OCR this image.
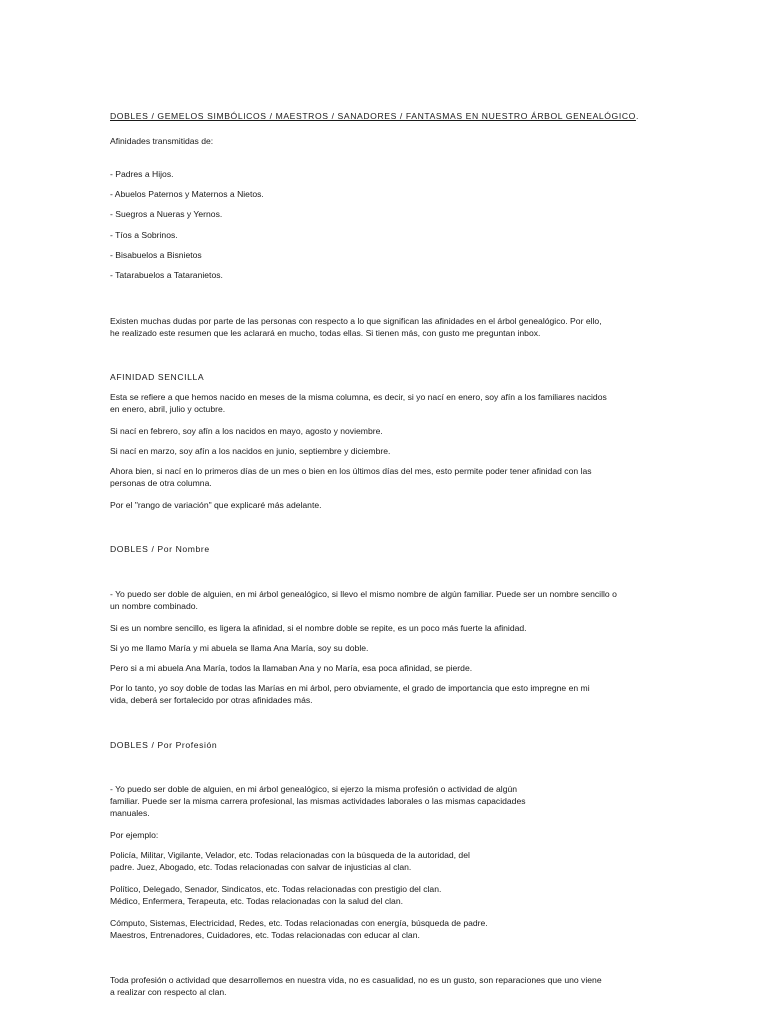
DOBLES / GEMELOS SIMBÓLICOS / MAESTROS / SANADORES / FANTASMAS EN NUESTRO ÁRBOL GENEALÓGICO.

Afinidades transmitidas de:

- Padres a Hijos.

- Abuelos Paternos y Maternos a Nietos.

- Suegros a Nueras y Yernos.

- Tíos a Sobrinos.

- Bisabuelos a Bisnietos

- Tatarabuelos a Tataranietos.

Existen muchas dudas por parte de las personas con respecto a lo que significan las afinidades en el árbol genealógico. Por ello,

he realizado este resumen que les aclarará en mucho, todas ellas. Si tienen más, con gusto me preguntan inbox.

AFINIDAD SENCILLA

Esta se refiere a que hemos nacido en meses de la misma columna, es decir, si yo nací en enero, soy afín a los familiares nacidos

en enero, abril, julio y octubre.

Si nací en febrero, soy afín a los nacidos en mayo, agosto y noviembre.

Si nací en marzo, soy afín a los nacidos en junio, septiembre y diciembre.

Ahora bien, si nací en lo primeros días de un mes o bien en los últimos días del mes, esto permite poder tener afinidad con las

personas de otra columna.

Por el "rango de variación" que explicaré más adelante.

DOBLES / Por Nombre

- Yo puedo ser doble de alguien, en mi árbol genealógico, si llevo el mismo nombre de algún familiar. Puede ser un nombre sencillo o

un nombre combinado.

Si es un nombre sencillo, es ligera la afinidad, si el nombre doble se repite, es un poco más fuerte la afinidad.

Si yo me llamo María y mi abuela se llama Ana María, soy su doble.

Pero si a mi abuela Ana María, todos la llamaban Ana y no María, esa poca afinidad, se pierde.

Por lo tanto, yo soy doble de todas las Marías en mi árbol, pero obviamente, el grado de importancia que esto impregne en mi

vida, deberá ser fortalecido por otras afinidades más.

DOBLES / Por Profesión

- Yo puedo ser doble de alguien, en mi árbol genealógico, si ejerzo la misma profesión o actividad de algún

familiar. Puede ser la misma carrera profesional, las mismas actividades laborales o las mismas capacidades

manuales.

Por ejemplo:

Policía, Militar, Vigilante, Velador, etc. Todas relacionadas con la búsqueda de la autoridad, del

padre. Juez, Abogado, etc. Todas relacionadas con salvar de injusticias al clan.

Político, Delegado, Senador, Sindicatos, etc. Todas relacionadas con prestigio del clan.

Médico, Enfermera, Terapeuta, etc. Todas relacionadas con la salud del clan.

Cómputo, Sistemas, Electricidad, Redes, etc. Todas relacionadas con energía, búsqueda de padre.

Maestros, Entrenadores, Cuidadores, etc. Todas relacionadas con educar al clan.

Toda profesión o actividad que desarrollemos en nuestra vida, no es casualidad, no es un gusto, son reparaciones que uno viene

a realizar con respecto al clan.
